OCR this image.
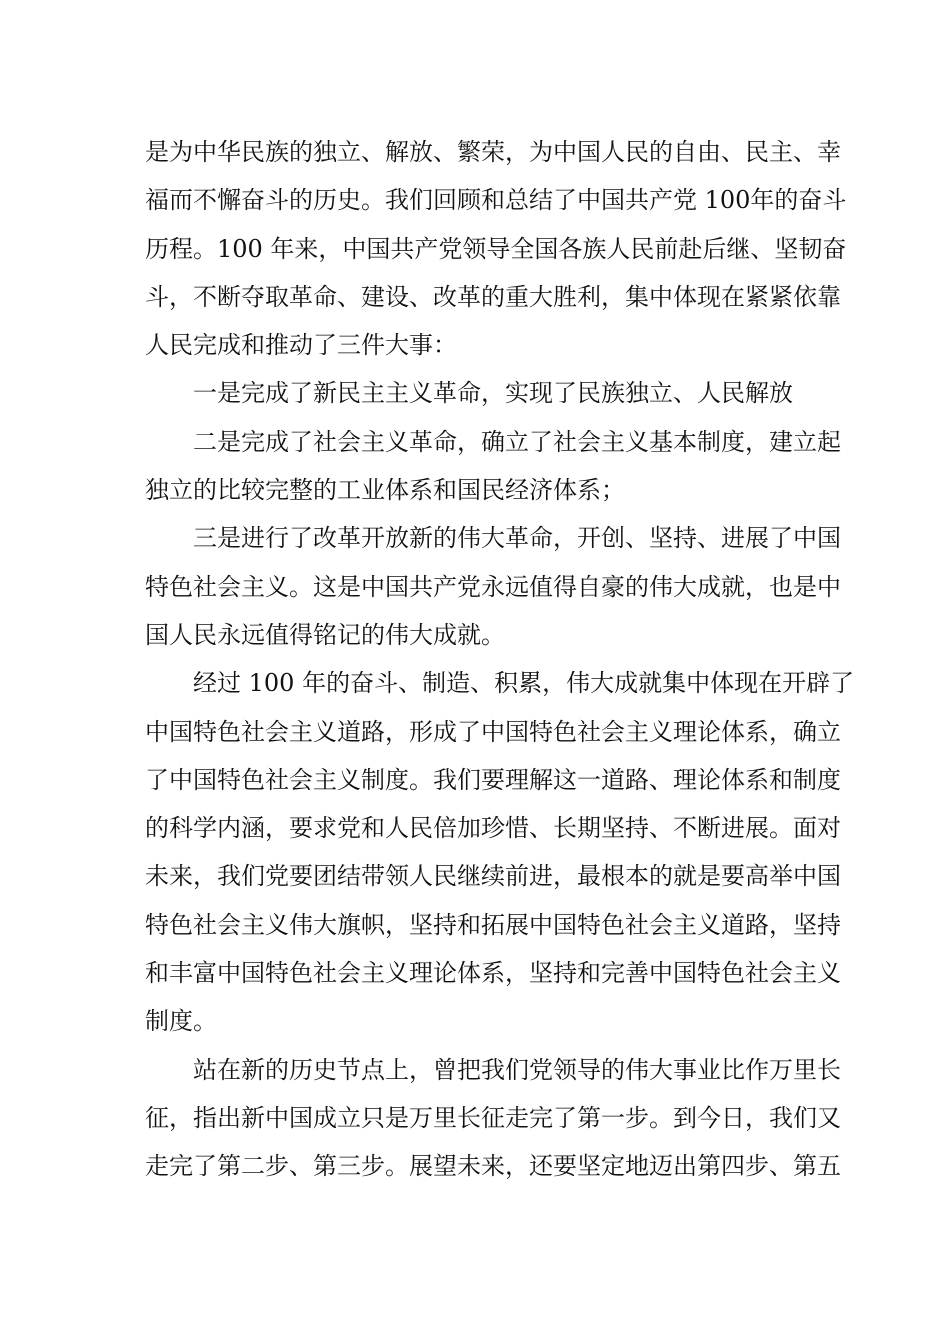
是为中华民族的独立、解放、繁荣，为中国人民的自由、民主、幸
福而不懈奋斗的历史。我们回顾和总结了中国共产党 100年的奋斗
历程。100 年来，中国共产党领导全国各族人民前赴后继、坚韧奋
斗，不断夺取革命、建设、改革的重大胜利，集中体现在紧紧依靠
人民完成和推动了三件大事：
一是完成了新民主主义革命，实现了民族独立、人民解放
二是完成了社会主义革命，确立了社会主义基本制度，建立起
独立的比较完整的工业体系和国民经济体系；
三是进行了改革开放新的伟大革命，开创、坚持、进展了中国
特色社会主义。这是中国共产党永远值得自豪的伟大成就，也是中
国人民永远值得铭记的伟大成就。
经过 100 年的奋斗、制造、积累，伟大成就集中体现在开辟了
中国特色社会主义道路，形成了中国特色社会主义理论体系，确立
了中国特色社会主义制度。我们要理解这一道路、理论体系和制度
的科学内涵，要求党和人民倍加珍惜、长期坚持、不断进展。面对
未来，我们党要团结带领人民继续前进，最根本的就是要高举中国
特色社会主义伟大旗帜，坚持和拓展中国特色社会主义道路，坚持
和丰富中国特色社会主义理论体系，坚持和完善中国特色社会主义
制度。
站在新的历史节点上，曾把我们党领导的伟大事业比作万里长
征，指出新中国成立只是万里长征走完了第一步。到今日，我们又
走完了第二步、第三步。展望未来，还要坚定地迈出第四步、第五
